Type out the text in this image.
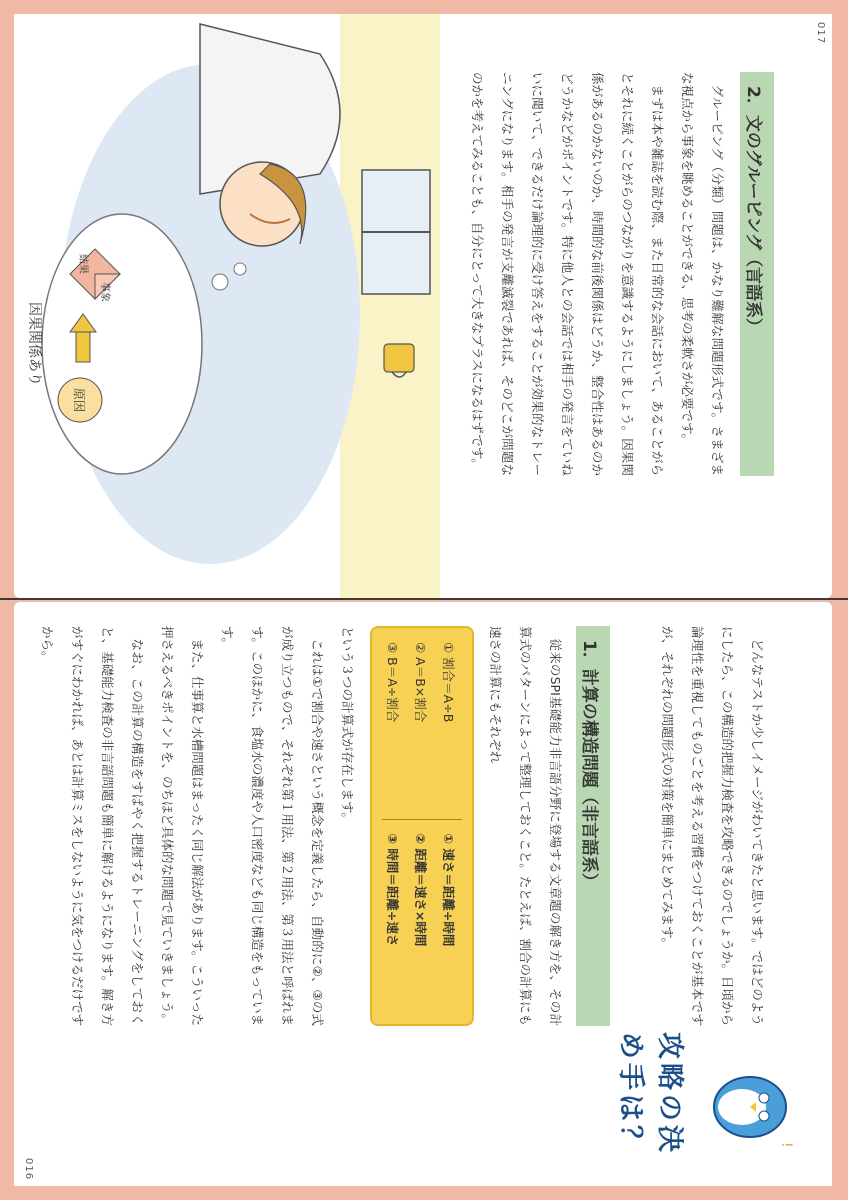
017
2．文のグルーピング（言語系）

グルーピング（分類）問題は、かなり難解な問題形式です。さまざまな視点から事象を眺めることができる、思考の柔軟さが必要です。

まずは本や雑誌を読む際、また日常的な会話において、あることがらとそれに続くことがらのつながりを意識するようにしましょう。因果関係があるのかないのか、時間的な前後関係はどうか、整合性はあるのかどうかなどがポイントです。特に他人との会話では相手の発言をていねいに聞いて、できるだけ論理的に受け答えをすることが効果的なトレーニングになります。相手の発言が支離滅裂であれば、そのどこが問題なのかを考えてみることも、自分にとって大きなプラスになるはずです。

原因
事象
結果
因果関係あり
016
!
攻略の決め手は？

どんなテストか少しイメージがわいてきたと思います。ではどのようにしたら、この構造的把握力検査を攻略できるのでしょうか。日頃から論理性を重視してものごとを考える習慣をつけておくことが基本ですが、それぞれの問題形式の対策を簡単にまとめてみます。

1．計算の構造問題（非言語系）

従来のSPI基礎能力非言語分野に登場する文章題の解き方を、その計算式のパターンによって整理しておくこと。たとえば、割合の計算にも速さの計算にもそれぞれ

① 割合＝A÷B
② A＝B×割合
③ B＝A÷割合
① 速さ＝距離÷時間
② 距離＝速さ×時間
③ 時間＝距離÷速さ

という３つの計算式が存在します。

これは①で割合や速さという概念を定義したら、自動的に②、③の式が成り立つもので、それぞれ第１用法、第２用法、第３用法と呼ばれます。このほかに、食塩水の濃度や人口密度なども同じ構造をもっています。

また、仕事算と水槽問題はまったく同じ解法があります。こういった押さえるべきポイントを、のちほど具体的な問題で見ていきましょう。

なお、この計算の構造をすばやく把握するトレーニングをしておくと、基礎能力検査の非言語問題も簡単に解けるようになります。解き方がすぐにわかれば、あとは計算ミスをしないように気をつけるだけですから。
